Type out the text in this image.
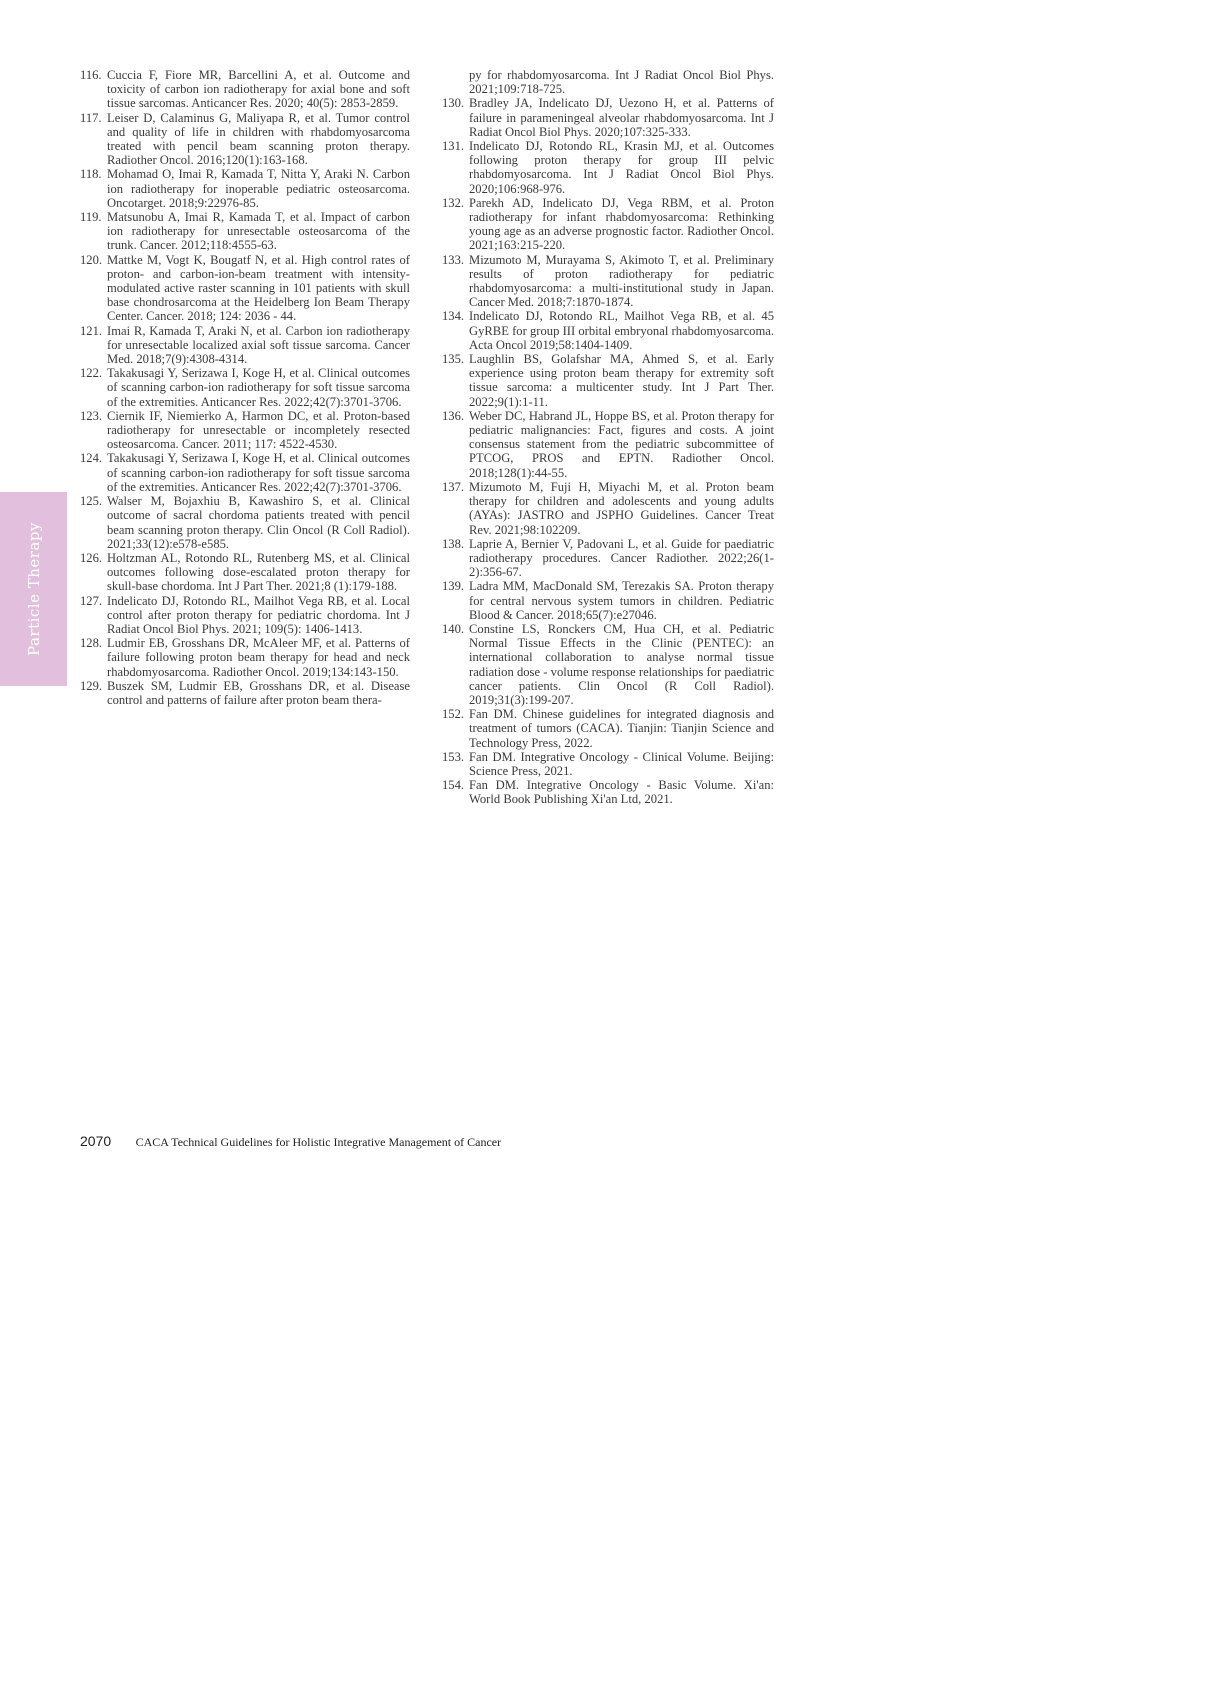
Particle Therapy

116. Cuccia F, Fiore MR, Barcellini A, et al. Outcome and toxicity of carbon ion radiotherapy for axial bone and soft tissue sarcomas. Anticancer Res. 2020; 40(5): 2853-2859.

117. Leiser D, Calaminus G, Maliyapa R, et al. Tumor control and quality of life in children with rhabdomyosarcoma treated with pencil beam scanning proton therapy. Radiother Oncol. 2016;120(1):163-168.

118. Mohamad O, Imai R, Kamada T, Nitta Y, Araki N. Carbon ion radiotherapy for inoperable pediatric osteosarcoma. Oncotarget. 2018;9:22976-85.

119. Matsunobu A, Imai R, Kamada T, et al. Impact of carbon ion radiotherapy for unresectable osteosarcoma of the trunk. Cancer. 2012;118:4555-63.

120. Mattke M, Vogt K, Bougatf N, et al. High control rates of proton- and carbon-ion-beam treatment with intensity-modulated active raster scanning in 101 patients with skull base chondrosarcoma at the Heidelberg Ion Beam Therapy Center. Cancer. 2018; 124: 2036 - 44.

121. Imai R, Kamada T, Araki N, et al. Carbon ion radiotherapy for unresectable localized axial soft tissue sarcoma. Cancer Med. 2018;7(9):4308-4314.

122. Takakusagi Y, Serizawa I, Koge H, et al. Clinical outcomes of scanning carbon-ion radiotherapy for soft tissue sarcoma of the extremities. Anticancer Res. 2022;42(7):3701-3706.

123. Ciernik IF, Niemierko A, Harmon DC, et al. Proton-based radiotherapy for unresectable or incompletely resected osteosarcoma. Cancer. 2011; 117: 4522-4530.

124. Takakusagi Y, Serizawa I, Koge H, et al. Clinical outcomes of scanning carbon-ion radiotherapy for soft tissue sarcoma of the extremities. Anticancer Res. 2022;42(7):3701-3706.

125. Walser M, Bojaxhiu B, Kawashiro S, et al. Clinical outcome of sacral chordoma patients treated with pencil beam scanning proton therapy. Clin Oncol (R Coll Radiol). 2021;33(12):e578-e585.

126. Holtzman AL, Rotondo RL, Rutenberg MS, et al. Clinical outcomes following dose-escalated proton therapy for skull-base chordoma. Int J Part Ther. 2021;8 (1):179-188.

127. Indelicato DJ, Rotondo RL, Mailhot Vega RB, et al. Local control after proton therapy for pediatric chordoma. Int J Radiat Oncol Biol Phys. 2021; 109(5): 1406-1413.

128. Ludmir EB, Grosshans DR, McAleer MF, et al. Patterns of failure following proton beam therapy for head and neck rhabdomyosarcoma. Radiother Oncol. 2019;134:143-150.

129. Buszek SM, Ludmir EB, Grosshans DR, et al. Disease control and patterns of failure after proton beam thera-

py for rhabdomyosarcoma. Int J Radiat Oncol Biol Phys. 2021;109:718-725.

130. Bradley JA, Indelicato DJ, Uezono H, et al. Patterns of failure in parameningeal alveolar rhabdomyosarcoma. Int J Radiat Oncol Biol Phys. 2020;107:325-333.

131. Indelicato DJ, Rotondo RL, Krasin MJ, et al. Outcomes following proton therapy for group III pelvic rhabdomyosarcoma. Int J Radiat Oncol Biol Phys. 2020;106:968-976.

132. Parekh AD, Indelicato DJ, Vega RBM, et al. Proton radiotherapy for infant rhabdomyosarcoma: Rethinking young age as an adverse prognostic factor. Radiother Oncol. 2021;163:215-220.

133. Mizumoto M, Murayama S, Akimoto T, et al. Preliminary results of proton radiotherapy for pediatric rhabdomyosarcoma: a multi-institutional study in Japan. Cancer Med. 2018;7:1870-1874.

134. Indelicato DJ, Rotondo RL, Mailhot Vega RB, et al. 45 GyRBE for group III orbital embryonal rhabdomyosarcoma. Acta Oncol 2019;58:1404-1409.

135. Laughlin BS, Golafshar MA, Ahmed S, et al. Early experience using proton beam therapy for extremity soft tissue sarcoma: a multicenter study. Int J Part Ther. 2022;9(1):1-11.

136. Weber DC, Habrand JL, Hoppe BS, et al. Proton therapy for pediatric malignancies: Fact, figures and costs. A joint consensus statement from the pediatric subcommittee of PTCOG, PROS and EPTN. Radiother Oncol. 2018;128(1):44-55.

137. Mizumoto M, Fuji H, Miyachi M, et al. Proton beam therapy for children and adolescents and young adults (AYAs): JASTRO and JSPHO Guidelines. Cancer Treat Rev. 2021;98:102209.

138. Laprie A, Bernier V, Padovani L, et al. Guide for paediatric radiotherapy procedures. Cancer Radiother. 2022;26(1-2):356-67.

139. Ladra MM, MacDonald SM, Terezakis SA. Proton therapy for central nervous system tumors in children. Pediatric Blood & Cancer. 2018;65(7):e27046.

140. Constine LS, Ronckers CM, Hua CH, et al. Pediatric Normal Tissue Effects in the Clinic (PENTEC): an international collaboration to analyse normal tissue radiation dose - volume response relationships for paediatric cancer patients. Clin Oncol (R Coll Radiol). 2019;31(3):199-207.

152. Fan DM. Chinese guidelines for integrated diagnosis and treatment of tumors (CACA). Tianjin: Tianjin Science and Technology Press, 2022.

153. Fan DM. Integrative Oncology - Clinical Volume. Beijing: Science Press, 2021.

154. Fan DM. Integrative Oncology - Basic Volume. Xi'an: World Book Publishing Xi'an Ltd, 2021.

2070 CACA Technical Guidelines for Holistic Integrative Management of Cancer
